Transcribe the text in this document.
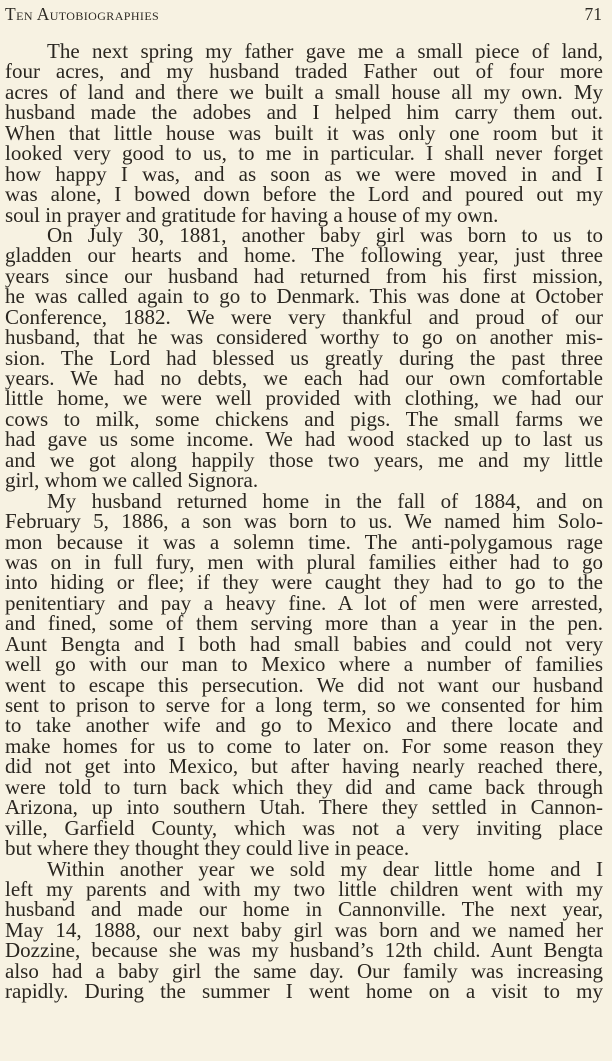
Ten Autobiographies	71
The next spring my father gave me a small piece of land,
four acres, and my husband traded Father out of four more
acres of land and there we built a small house all my own. My
husband made the adobes and I helped him carry them out.
When that little house was built it was only one room but it
looked very good to us, to me in particular. I shall never forget
how happy I was, and as soon as we were moved in and I
was alone, I bowed down before the Lord and poured out my
soul in prayer and gratitude for having a house of my own.
On July 30, 1881, another baby girl was born to us to
gladden our hearts and home. The following year, just three
years since our husband had returned from his first mission,
he was called again to go to Denmark. This was done at October
Conference, 1882. We were very thankful and proud of our
husband, that he was considered worthy to go on another mis-
sion. The Lord had blessed us greatly during the past three
years. We had no debts, we each had our own comfortable
little home, we were well provided with clothing, we had our
cows to milk, some chickens and pigs. The small farms we
had gave us some income. We had wood stacked up to last us
and we got along happily those two years, me and my little
girl, whom we called Signora.
My husband returned home in the fall of 1884, and on
February 5, 1886, a son was born to us. We named him Solo-
mon because it was a solemn time. The anti-polygamous rage
was on in full fury, men with plural families either had to go
into hiding or flee; if they were caught they had to go to the
penitentiary and pay a heavy fine. A lot of men were arrested,
and fined, some of them serving more than a year in the pen.
Aunt Bengta and I both had small babies and could not very
well go with our man to Mexico where a number of families
went to escape this persecution. We did not want our husband
sent to prison to serve for a long term, so we consented for him
to take another wife and go to Mexico and there locate and
make homes for us to come to later on. For some reason they
did not get into Mexico, but after having nearly reached there,
were told to turn back which they did and came back through
Arizona, up into southern Utah. There they settled in Cannon-
ville, Garfield County, which was not a very inviting place
but where they thought they could live in peace.
Within another year we sold my dear little home and I
left my parents and with my two little children went with my
husband and made our home in Cannonville. The next year,
May 14, 1888, our next baby girl was born and we named her
Dozzine, because she was my husband’s 12th child. Aunt Bengta
also had a baby girl the same day. Our family was increasing
rapidly. During the summer I went home on a visit to my
